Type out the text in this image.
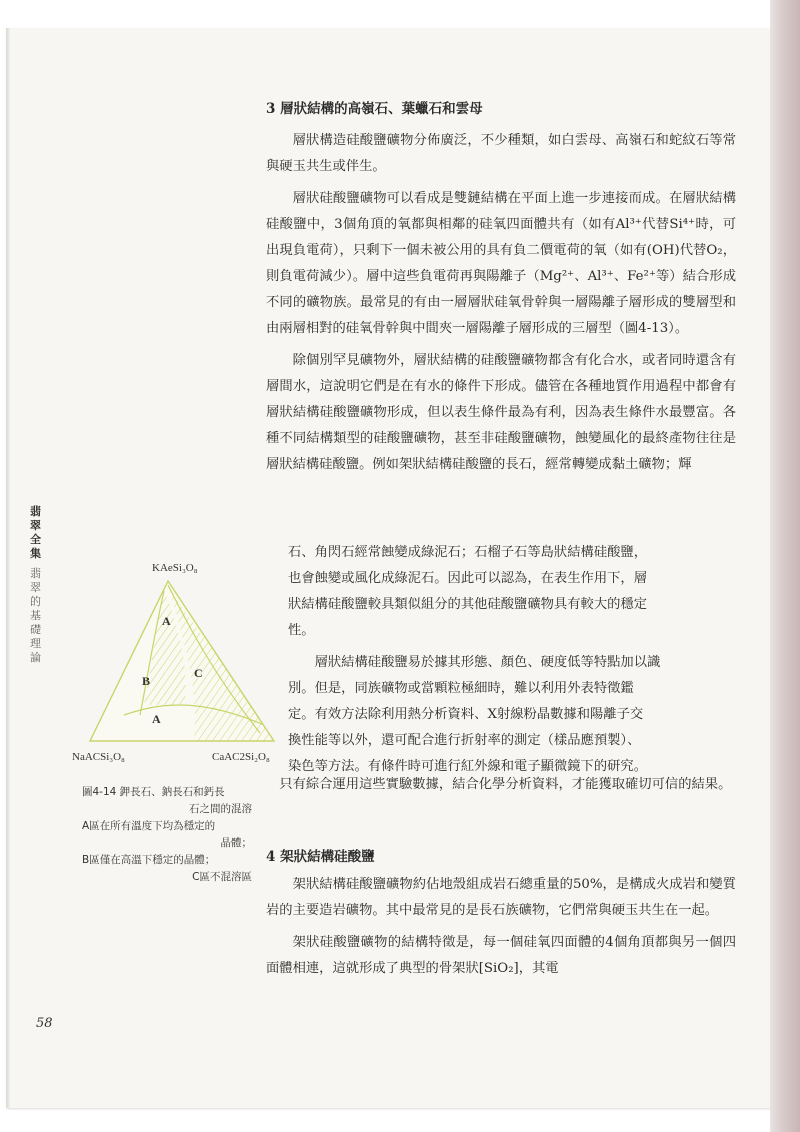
3 層狀結構的高嶺石、葉蠟石和雲母

層狀構造硅酸鹽礦物分佈廣泛，不少種類，如白雲母、高嶺石和蛇紋石等常與硬玉共生或伴生。

層狀硅酸鹽礦物可以看成是雙鏈結構在平面上進一步連接而成。在層狀結構硅酸鹽中，3個角頂的氧都與相鄰的硅氧四面體共有（如有Al³⁺代替Si⁴⁺時，可出現負電荷），只剩下一個未被公用的具有負二價電荷的氧（如有(OH)代替O₂，則負電荷減少）。層中這些負電荷再與陽離子（Mg²⁺、Al³⁺、Fe²⁺等）結合形成不同的礦物族。最常見的有由一層層狀硅氧骨幹與一層陽離子層形成的雙層型和由兩層相對的硅氧骨幹與中間夾一層陽離子層形成的三層型（圖4-13）。

除個別罕見礦物外，層狀結構的硅酸鹽礦物都含有化合水，或者同時還含有層間水，這說明它們是在有水的條件下形成。儘管在各種地質作用過程中都會有層狀結構硅酸鹽礦物形成，但以表生條件最為有利，因為表生條件水最豐富。各種不同結構類型的硅酸鹽礦物，甚至非硅酸鹽礦物，蝕變風化的最終產物往往是層狀結構硅酸鹽。例如架狀結構硅酸鹽的長石，經常轉變成黏土礦物；輝

石、角閃石經常蝕變成綠泥石；石榴子石等島狀結構硅酸鹽，
也會蝕變或風化成綠泥石。因此可以認為，在表生作用下，層
狀結構硅酸鹽較具類似組分的其他硅酸鹽礦物具有較大的穩定
性。
層狀結構硅酸鹽易於據其形態、顏色、硬度低等特點加以識
別。但是，同族礦物或當顆粒極細時，難以利用外表特徵鑑
定。有效方法除利用熱分析資料、X射線粉晶數據和陽離子交
換性能等以外，還可配合進行折射率的測定（樣品應預製）、
染色等方法。有條件時可進行紅外線和電子顯微鏡下的研究。

只有綜合運用這些實驗數據，結合化學分析資料，才能獲取確切可信的結果。

4 架狀結構硅酸鹽

架狀結構硅酸鹽礦物約佔地殼組成岩石總重量的50%，是構成火成岩和變質岩的主要造岩礦物。其中最常見的是長石族礦物，它們常與硬玉共生在一起。

架狀硅酸鹽礦物的結構特徵是，每一個硅氧四面體的4個角頂都與另一個四面體相連，這就形成了典型的骨架狀[SiO₂]，其電

翡
翠
全
集
翡
翠
的
基
礎
理
論
KAeSi₃O₈
NaACSi₃O₈	CaAC2Si₂O₈
A
B
C
A
圖4-14 鉀長石、鈉長石和鈣長
石之間的混溶
A區在所有溫度下均為穩定的
晶體；
B區僅在高溫下穩定的晶體；
C區不混溶區
58
